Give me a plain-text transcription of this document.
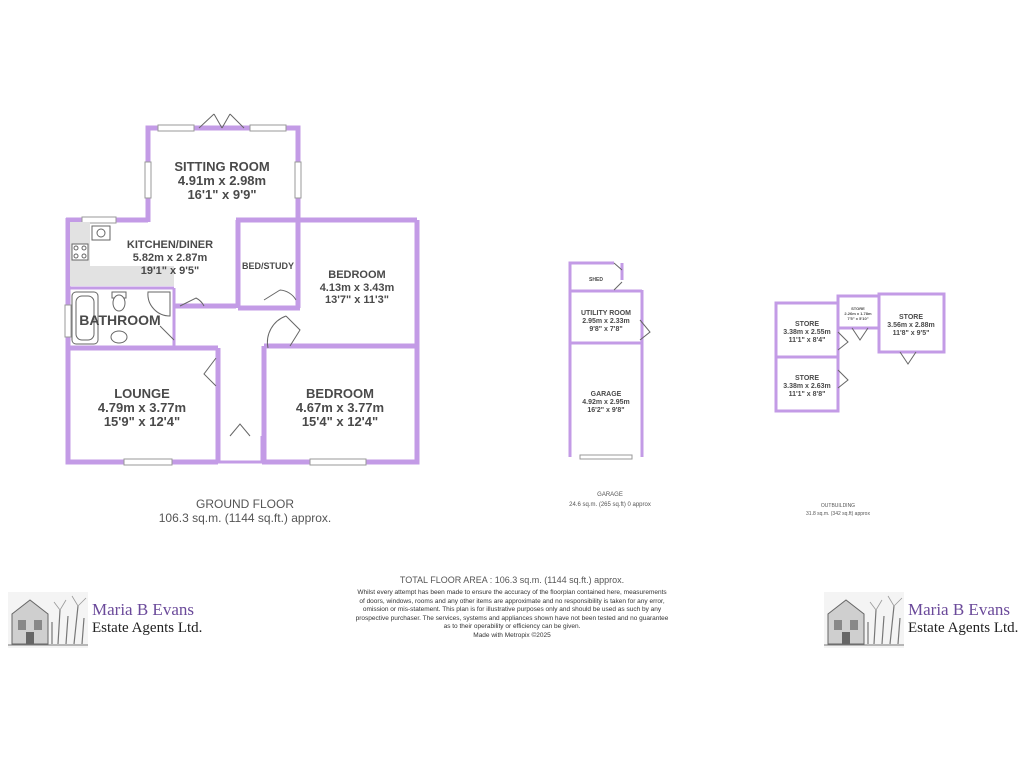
SITTING ROOM
4.91m x 2.98m
16'1" x 9'9"
KITCHEN/DINER
5.82m x 2.87m
19'1" x 9'5"	BED/STUDY
BEDROOM
4.13m x 3.43m
13'7" x 11'3"
BATHROOM
LOUNGE
4.79m x 3.77m
15'9" x 12'4"
BEDROOM
4.67m x 3.77m
15'4" x 12'4"
SHED
UTILITY ROOM
2.95m x 2.33m
9'8" x 7'8"
GARAGE
4.92m x 2.95m
16'2" x 9'8"
STORE
3.38m x 2.55m
11'1" x 8'4"
STORE
2.26m x 1.78m
7'5" x 5'10"	STORE
3.56m x 2.88m
11'8" x 9'5"
STORE
3.38m x 2.63m
11'1" x 8'8"
GROUND FLOOR
106.3 sq.m. (1144 sq.ft.) approx.
GARAGE
24.6 sq.m. (265 sq.ft) 0 approx	OUTBUILDING
31.8 sq.m. (342 sq.ft) approx
TOTAL FLOOR AREA : 106.3 sq.m. (1144 sq.ft.) approx.
Whilst every attempt has been made to ensure the accuracy of the floorplan contained here, measurements
of doors, windows, rooms and any other items are approximate and no responsibility is taken for any error,
omission or mis-statement. This plan is for illustrative purposes only and should be used as such by any
prospective purchaser. The services, systems and appliances shown have not been tested and no guarantee
as to their operability or efficiency can be given.
Made with Metropix ©2025
Maria B Evans
Estate Agents Ltd.
Maria B Evans
Estate Agents Ltd.
